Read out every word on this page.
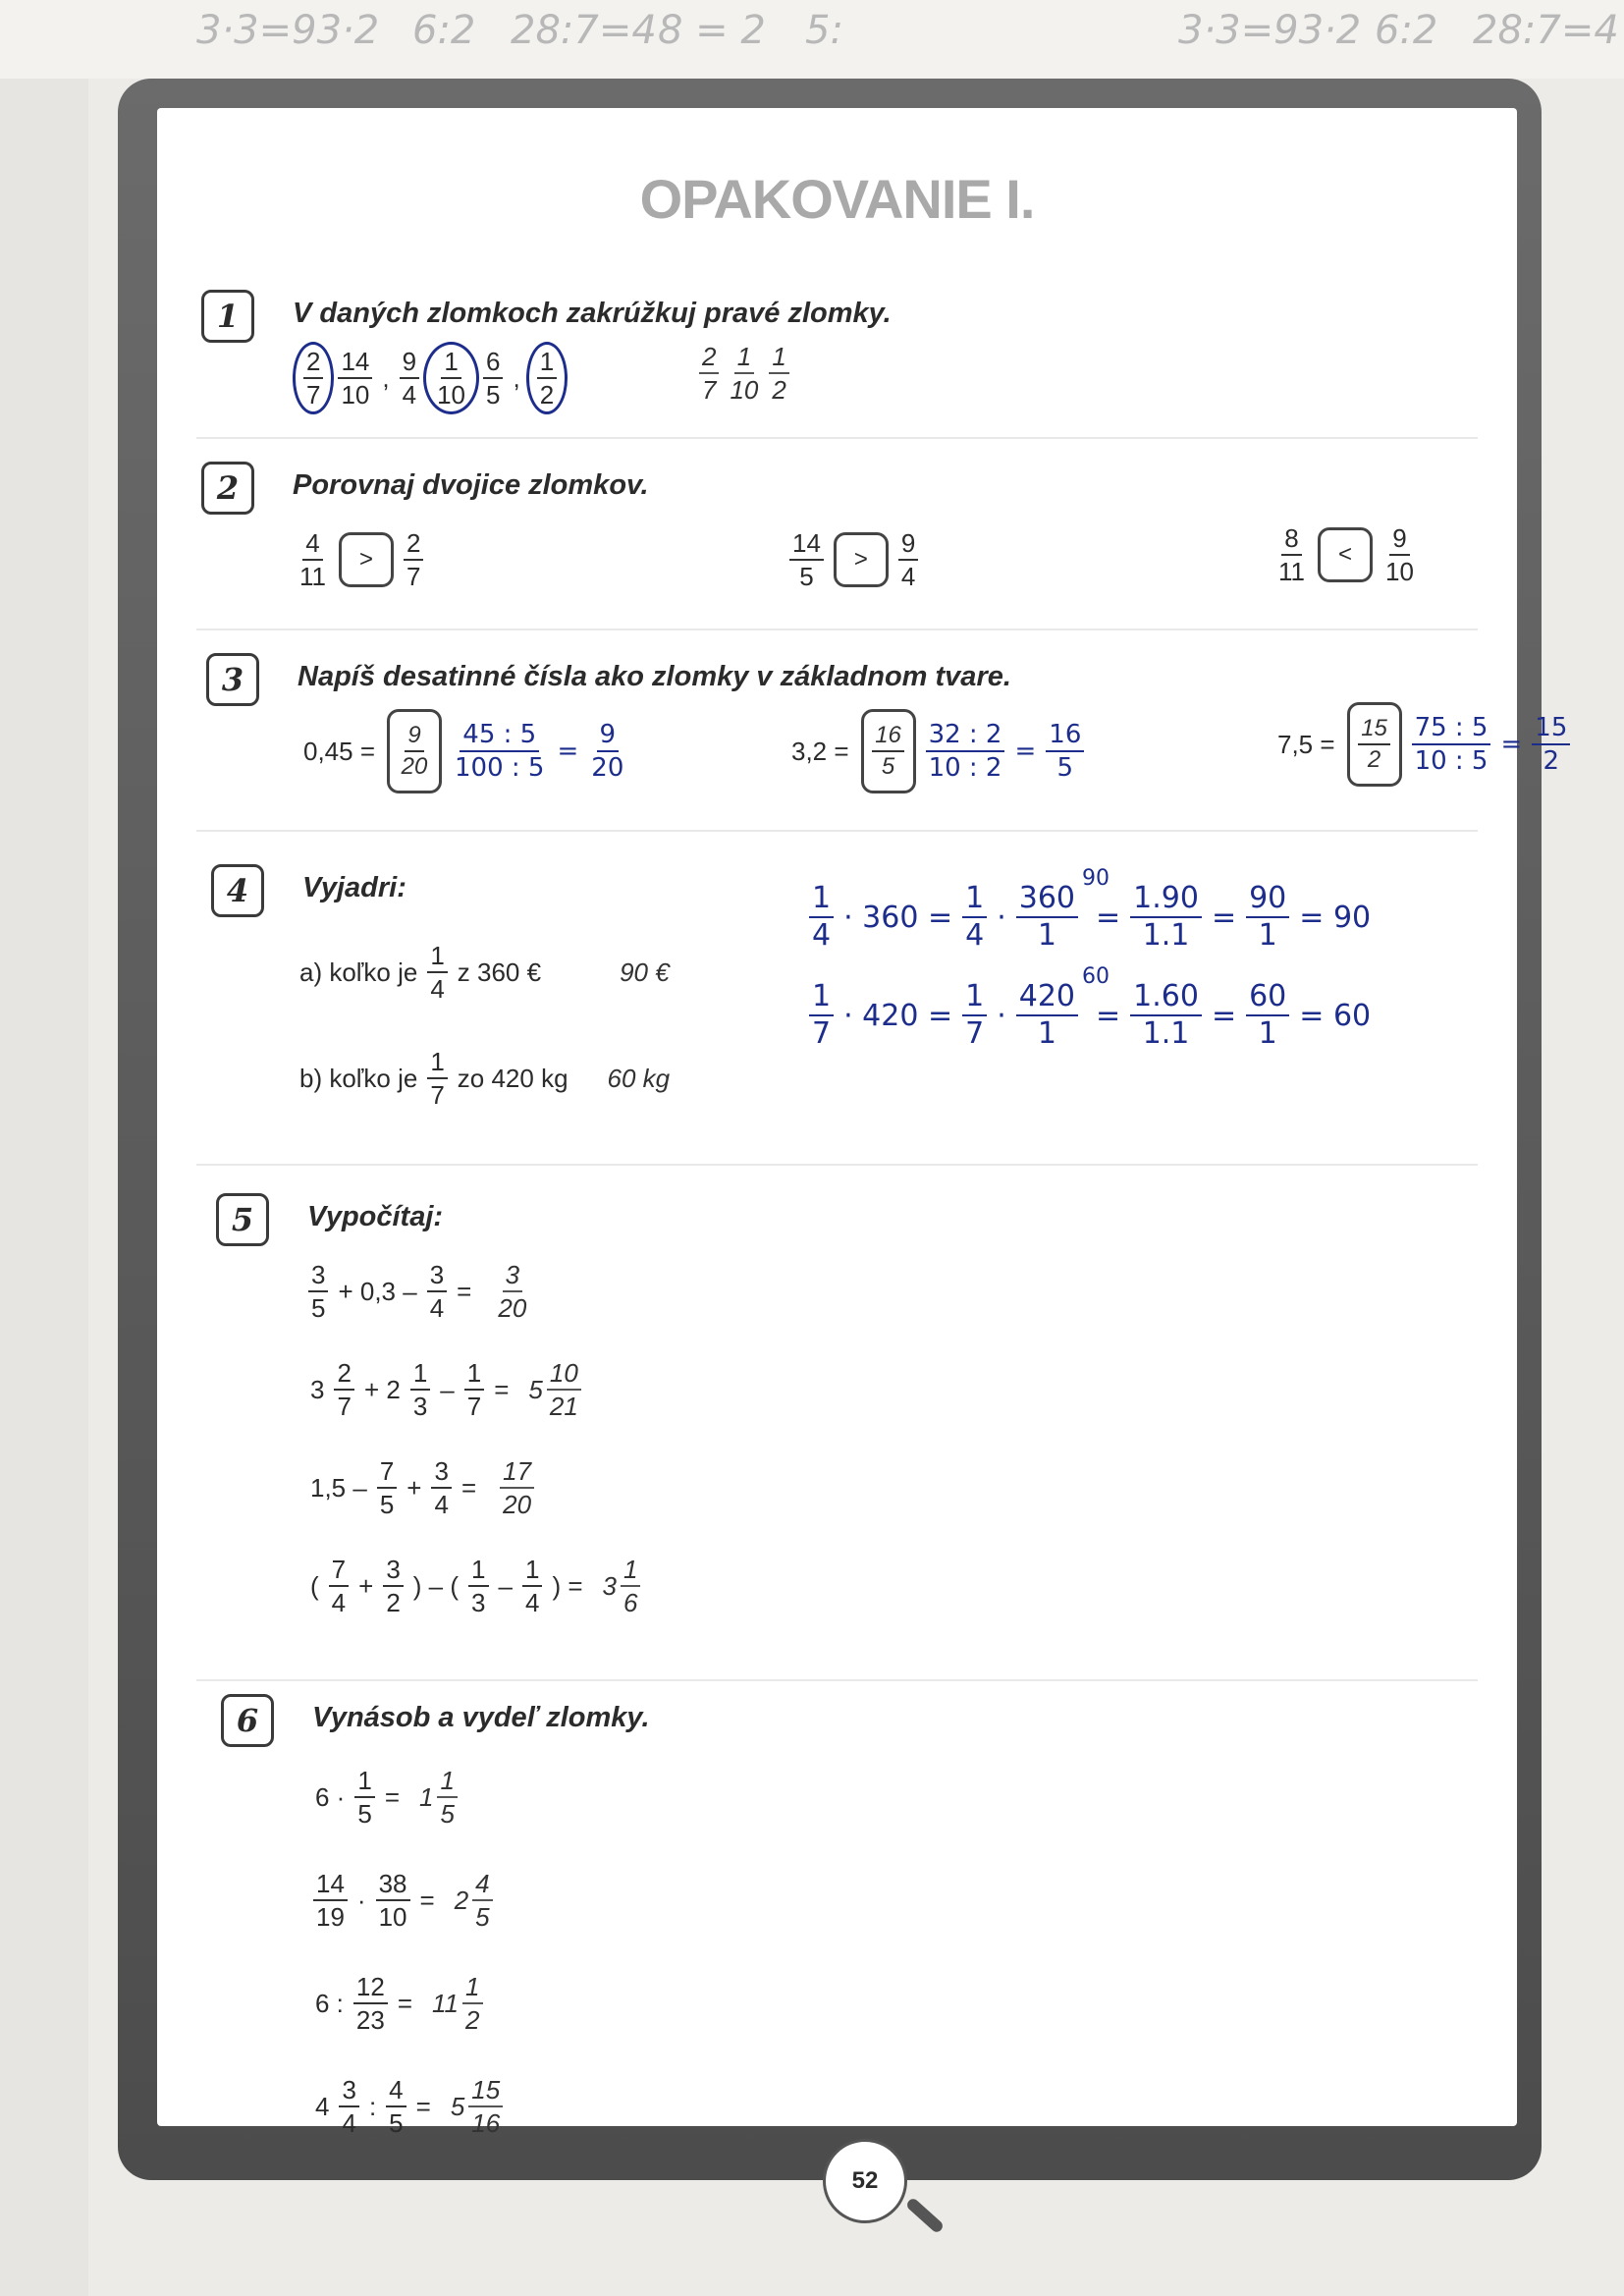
3·3=93·2 6:2 28:7=4 8 = 2 5:	3·3=93·2 6:2 28:7=4
OPAKOVANIE I.
1	V daných zlomkoch zakrúžkuj pravé zlomky.
$\frac{2}{7} \frac{14}{10}$ , $\frac{9}{4} \frac{1}{10} \frac{6}{5}$ , $\frac{1}{2}$	$\frac{2}{7} \frac{1}{10} \frac{1}{2}$
2	Porovnaj dvojice zlomkov.
$\frac{4}{11}$	>	$\frac{2}{7}$	$\frac{14}{5}$	>	$\frac{9}{4}$	$\frac{8}{11}$	<	$\frac{9}{10}$
3	Napíš desatinné čísla ako zlomky v základnom tvare.
$0,45 = \frac{9}{20} \frac{45 : 5}{100 : 5} = \frac{9}{20}$	$3,2 = \frac{16}{5} \frac{32 : 2}{10 : 2} = \frac{16}{5}$	$7,5 = \frac{15}{2} \frac{75 : 5}{10 : 5} = \frac{15}{2}$
4	Vyjadri:
a) koľko je $\frac{1}{4}$ z 360 €	90 €
b) koľko je $\frac{1}{7}$ zo 420 kg 60 kg
$\frac{1}{4} \cdot 360 = \frac{1}{4} \cdot \frac{360}{1}$
90
= $\frac{1.90}{1.1} = \frac{90}{1} = 90$
$\frac{1}{7} \cdot 420 = \frac{1}{7} \cdot \frac{420}{1}$
60
= $\frac{1.60}{1.1} = \frac{60}{1} = 60$
5	Vypočítaj:
$\frac{3}{5} + 0,3 - \frac{3}{4} = \frac{3}{20}$
$3 \frac{2}{7} + 2 \frac{1}{3} - \frac{1}{7} = 5 \frac{10}{21}$
$1,5 - \frac{7}{5} + \frac{3}{4} = \frac{17}{20}$
( $\frac{7}{4} + \frac{3}{2}$ ) – ( $\frac{1}{3} - \frac{1}{4}$ ) = $3 \frac{1}{6}$
6	Vynásob a vydeľ zlomky.
$6 \cdot \frac{1}{5} = 1 \frac{1}{5}$
$\frac{14}{19} \cdot \frac{38}{10} = 2 \frac{4}{5}$
6 : $\frac{12}{23} = 11 \frac{1}{2}$
$4 \frac{3}{4}$ : $\frac{4}{5} = 5 \frac{15}{16}$
52
